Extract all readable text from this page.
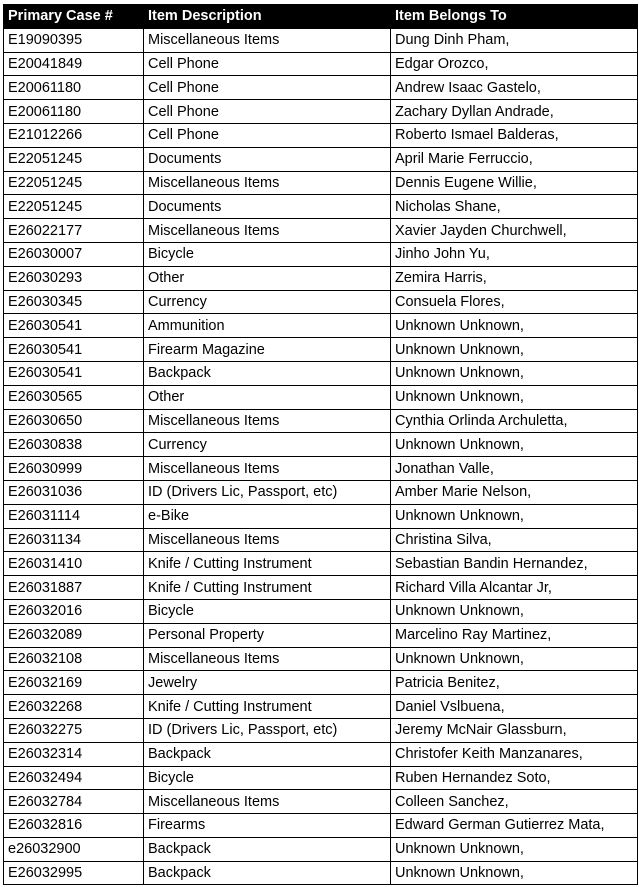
Primary Case #	Item Description	Item Belongs To
E19090395	Miscellaneous Items	Dung Dinh Pham,
E20041849	Cell Phone	Edgar Orozco,
E20061180	Cell Phone	Andrew Isaac Gastelo,
E20061180	Cell Phone	Zachary Dyllan Andrade,
E21012266	Cell Phone	Roberto Ismael Balderas,
E22051245	Documents	April Marie Ferruccio,
E22051245	Miscellaneous Items	Dennis Eugene Willie,
E22051245	Documents	Nicholas Shane,
E26022177	Miscellaneous Items	Xavier Jayden Churchwell,
E26030007	Bicycle	Jinho John Yu,
E26030293	Other	Zemira Harris,
E26030345	Currency	Consuela Flores,
E26030541	Ammunition	Unknown Unknown,
E26030541	Firearm Magazine	Unknown Unknown,
E26030541	Backpack	Unknown Unknown,
E26030565	Other	Unknown Unknown,
E26030650	Miscellaneous Items	Cynthia Orlinda Archuletta,
E26030838	Currency	Unknown Unknown,
E26030999	Miscellaneous Items	Jonathan Valle,
E26031036	ID (Drivers Lic, Passport, etc)	Amber Marie Nelson,
E26031114	e-Bike	Unknown Unknown,
E26031134	Miscellaneous Items	Christina Silva,
E26031410	Knife / Cutting Instrument	Sebastian Bandin Hernandez,
E26031887	Knife / Cutting Instrument	Richard Villa Alcantar Jr,
E26032016	Bicycle	Unknown Unknown,
E26032089	Personal Property	Marcelino Ray Martinez,
E26032108	Miscellaneous Items	Unknown Unknown,
E26032169	Jewelry	Patricia Benitez,
E26032268	Knife / Cutting Instrument	Daniel Vslbuena,
E26032275	ID (Drivers Lic, Passport, etc)	Jeremy McNair Glassburn,
E26032314	Backpack	Christofer Keith Manzanares,
E26032494	Bicycle	Ruben Hernandez Soto,
E26032784	Miscellaneous Items	Colleen Sanchez,
E26032816	Firearms	Edward German Gutierrez Mata,
e26032900	Backpack	Unknown Unknown,
E26032995	Backpack	Unknown Unknown,
